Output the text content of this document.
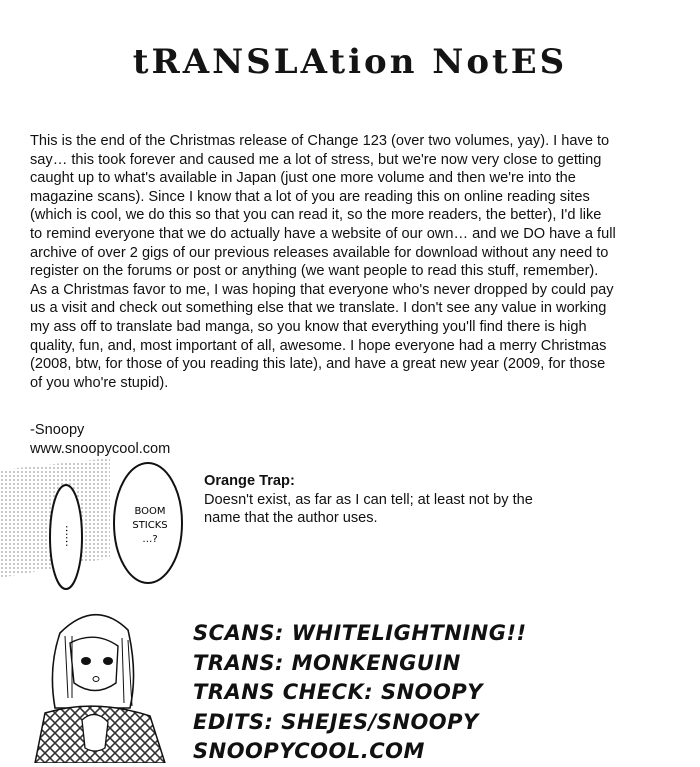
tRANSLAtion NotES
This is the end of the Christmas release of Change 123 (over two volumes, yay). I have to
say… this took forever and caused me a lot of stress, but we're now very close to getting
caught up to what's available in Japan (just one more volume and then we're into the
magazine scans). Since I know that a lot of you are reading this on online reading sites
(which is cool, we do this so that you can read it, so the more readers, the better), I'd like
to remind everyone that we do actually have a website of our own… and we DO have a full
archive of over 2 gigs of our previous releases available for download without any need to
register on the forums or post or anything (we want people to read this stuff, remember).
As a Christmas favor to me, I was hoping that everyone who's never dropped by could pay
us a visit and check out something else that we translate. I don't see any value in working
my ass off to translate bad manga, so you know that everything you'll find there is high
quality, fun, and, most important of all, awesome. I hope everyone had a merry Christmas
(2008, btw, for those of you reading this late), and have a great new year (2009, for those
of you who're stupid).
-Snoopy
www.snoopycool.com
Orange Trap:
Doesn't exist, as far as I can tell; at least not by the
name that the author uses.
……
BOOM
STICKS
…?
SCANS: WHITELIGHTNING!!
TRANS: MONKENGUIN
TRANS CHECK: SNOOPY
EDITS: SHEJES/SNOOPY
SNOOPYCOOL.COM
